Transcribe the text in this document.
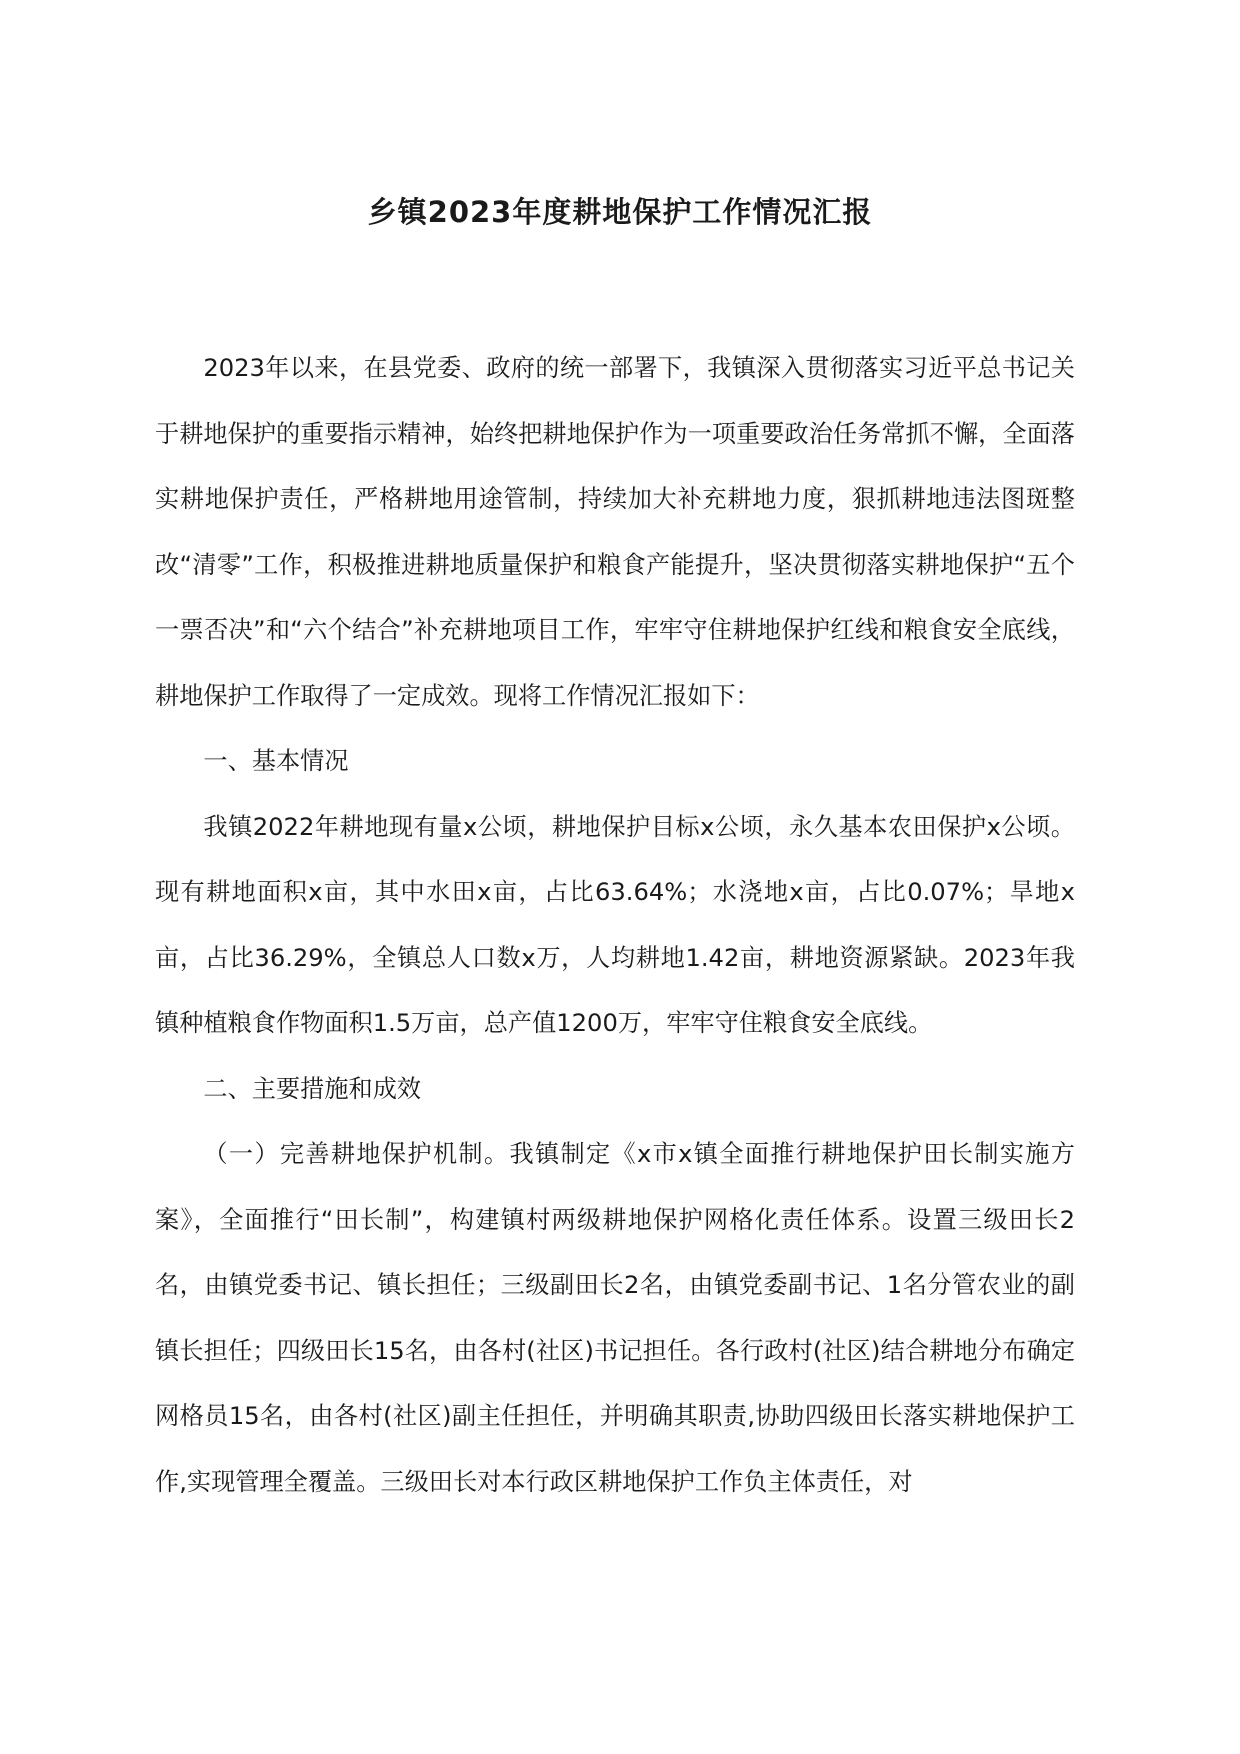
乡镇2023年度耕地保护工作情况汇报

2023年以来，在县党委、政府的统一部署下，我镇深入贯彻落实习近平总书记关于耕地保护的重要指示精神，始终把耕地保护作为一项重要政治任务常抓不懈，全面落实耕地保护责任，严格耕地用途管制，持续加大补充耕地力度，狠抓耕地违法图斑整改“清零”工作，积极推进耕地质量保护和粮食产能提升，坚决贯彻落实耕地保护“五个一票否决”和“六个结合”补充耕地项目工作，牢牢守住耕地保护红线和粮食安全底线，耕地保护工作取得了一定成效。现将工作情况汇报如下：

一、基本情况

我镇2022年耕地现有量x公顷，耕地保护目标x公顷，永久基本农田保护x公顷。现有耕地面积x亩，其中水田x亩，占比63.64%；水浇地x亩，占比0.07%；旱地x亩，占比36.29%，全镇总人口数x万，人均耕地1.42亩，耕地资源紧缺。2023年我镇种植粮食作物面积1.5万亩，总产值1200万，牢牢守住粮食安全底线。

二、主要措施和成效

（一）完善耕地保护机制。我镇制定《x市x镇全面推行耕地保护田长制实施方案》，全面推行“田长制”，构建镇村两级耕地保护网格化责任体系。设置三级田长2名，由镇党委书记、镇长担任；三级副田长2名，由镇党委副书记、1名分管农业的副镇长担任；四级田长15名，由各村(社区)书记担任。各行政村(社区)结合耕地分布确定网格员15名，由各村(社区)副主任担任，并明确其职责,协助四级田长落实耕地保护工作,实现管理全覆盖。三级田长对本行政区耕地保护工作负主体责任，对
